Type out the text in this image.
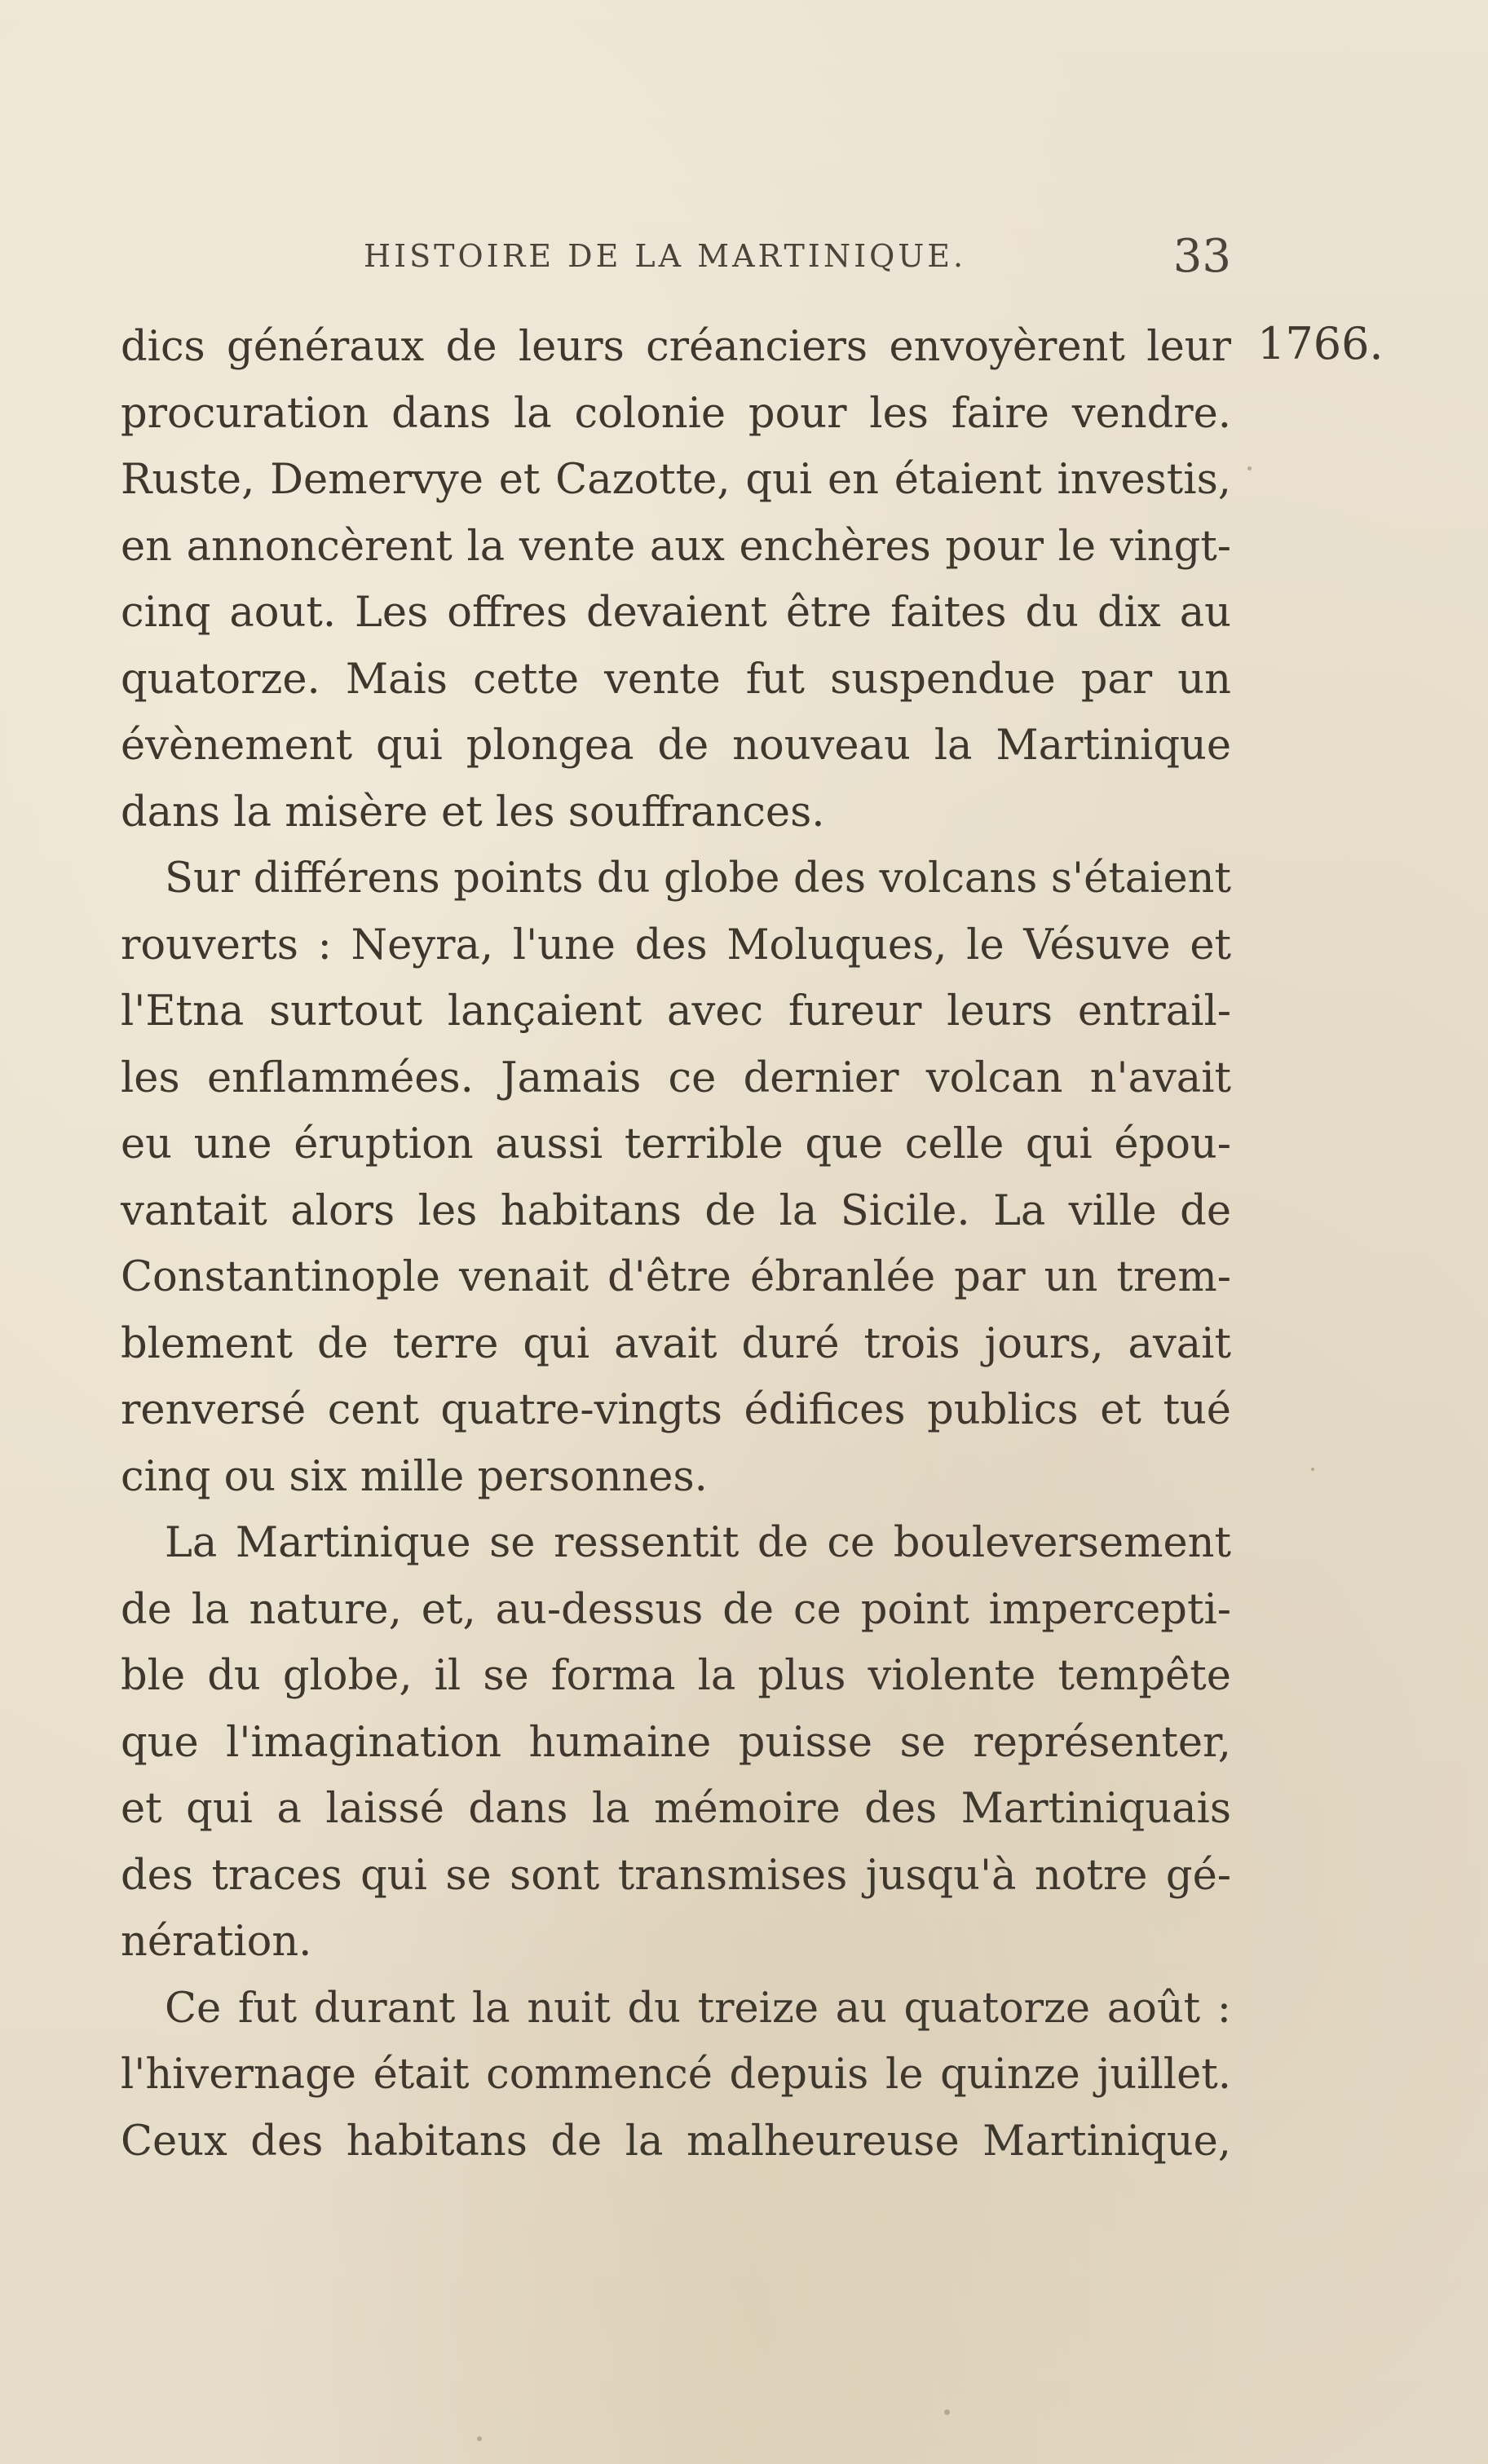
HISTOIRE DE LA MARTINIQUE.	33
1766.
dics généraux de leurs créanciers envoyèrent leur
procuration dans la colonie pour les faire vendre.
Ruste, Demervye et Cazotte, qui en étaient investis,
en annoncèrent la vente aux enchères pour le vingt-
cinq aout. Les offres devaient être faites du dix au
quatorze. Mais cette vente fut suspendue par un
évènement qui plongea de nouveau la Martinique
dans la misère et les souffrances.
Sur différens points du globe des volcans s'étaient
rouverts : Neyra, l'une des Moluques, le Vésuve et
l'Etna surtout lançaient avec fureur leurs entrail-
les enflammées. Jamais ce dernier volcan n'avait
eu une éruption aussi terrible que celle qui épou-
vantait alors les habitans de la Sicile. La ville de
Constantinople venait d'être ébranlée par un trem-
blement de terre qui avait duré trois jours, avait
renversé cent quatre-vingts édifices publics et tué
cinq ou six mille personnes.
La Martinique se ressentit de ce bouleversement
de la nature, et, au-dessus de ce point impercepti-
ble du globe, il se forma la plus violente tempête
que l'imagination humaine puisse se représenter,
et qui a laissé dans la mémoire des Martiniquais
des traces qui se sont transmises jusqu'à notre gé-
nération.
Ce fut durant la nuit du treize au quatorze août :
l'hivernage était commencé depuis le quinze juillet.
Ceux des habitans de la malheureuse Martinique,
